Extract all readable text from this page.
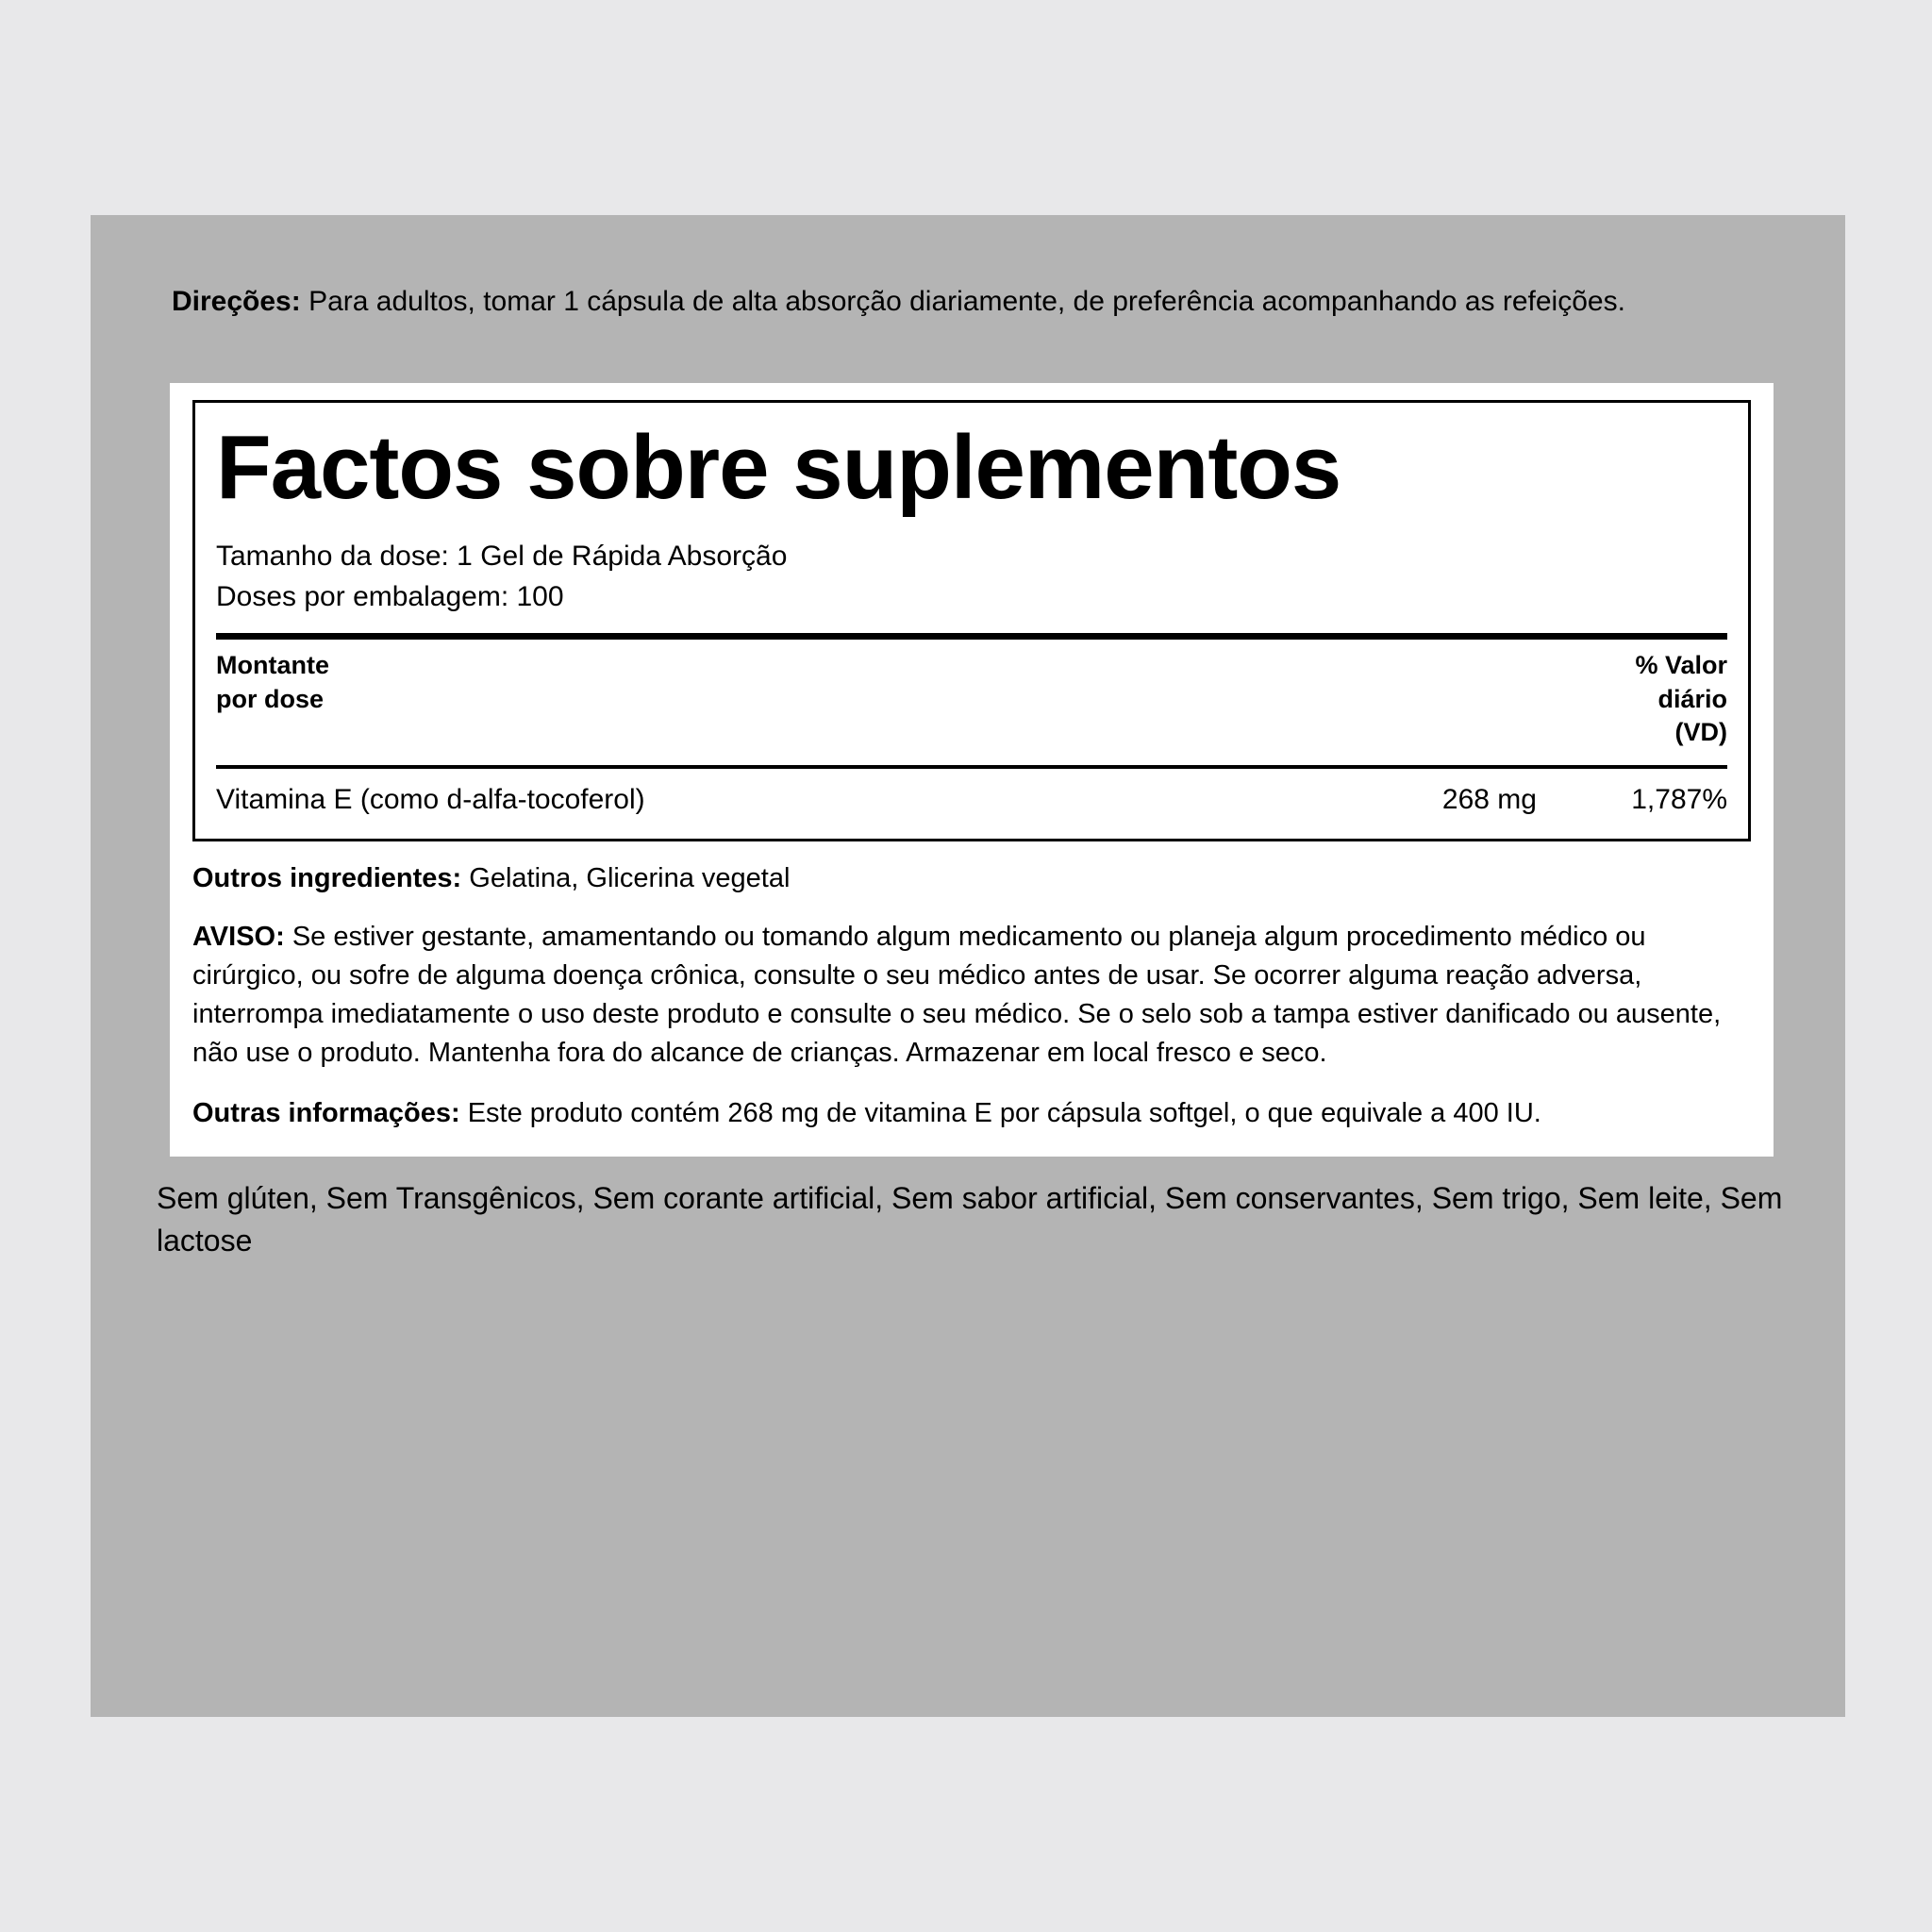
Direções: Para adultos, tomar 1 cápsula de alta absorção diariamente, de preferência acompanhando as refeições.
Factos sobre suplementos
Tamanho da dose: 1 Gel de Rápida Absorção
Doses por embalagem: 100
Montante
por dose
% Valor
diário
(VD)
Vitamina E (como d-alfa-tocoferol)	268 mg	1,787%
Outros ingredientes: Gelatina, Glicerina vegetal
AVISO: Se estiver gestante, amamentando ou tomando algum medicamento ou planeja algum procedimento médico ou cirúrgico, ou sofre de alguma doença crônica, consulte o seu médico antes de usar. Se ocorrer alguma reação adversa, interrompa imediatamente o uso deste produto e consulte o seu médico. Se o selo sob a tampa estiver danificado ou ausente, não use o produto. Mantenha fora do alcance de crianças. Armazenar em local fresco e seco.
Outras informações: Este produto contém 268 mg de vitamina E por cápsula softgel, o que equivale a 400 IU.
Sem glúten, Sem Transgênicos, Sem corante artificial, Sem sabor artificial, Sem conservantes, Sem trigo, Sem leite, Sem lactose
